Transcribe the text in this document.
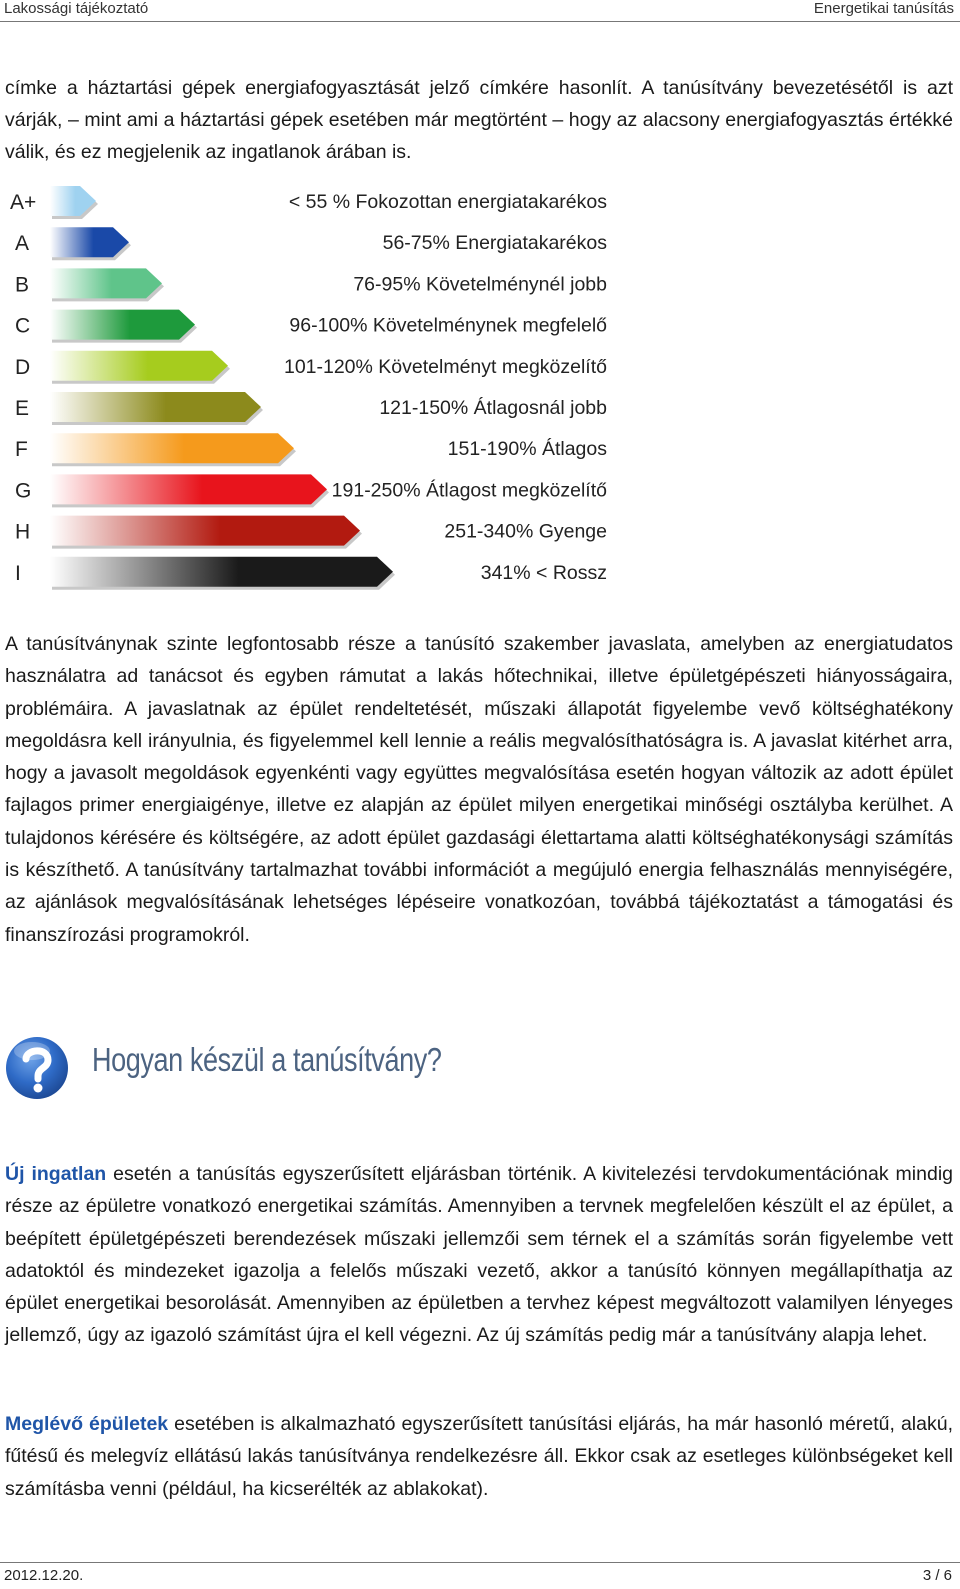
Lakossági tájékoztató	Energetikai tanúsítás

címke a háztartási gépek energiafogyasztását jelző címkére hasonlít. A tanúsítvány bevezetésétől is azt várják, – mint ami a háztartási gépek esetében már megtörtént – hogy az alacsony energiafogyasztás értékké válik, és ez megjelenik az ingatlanok árában is.

A+	< 55 % Fokozottan energiatakarékos
A	56-75% Energiatakarékos
B	76-95% Követelménynél jobb
C	96-100% Követelménynek megfelelő
D	101-120% Követelményt megközelítő
E	121-150% Átlagosnál jobb
F	151-190% Átlagos
G	191-250% Átlagost megközelítő
H	251-340% Gyenge
I	341% < Rossz

A tanúsítványnak szinte legfontosabb része a tanúsító szakember javaslata, amelyben az energiatudatos használatra ad tanácsot és egyben rámutat a lakás hőtechnikai, illetve épületgépészeti hiányosságaira, problémáira. A javaslatnak az épület rendeltetését, műszaki állapotát figyelembe vevő költséghatékony megoldásra kell irányulnia, és figyelemmel kell lennie a reális megvalósíthatóságra is. A javaslat kitérhet arra, hogy a javasolt megoldások egyenkénti vagy együttes megvalósítása esetén hogyan változik az adott épület fajlagos primer energiaigénye, illetve ez alapján az épület milyen energetikai minőségi osztályba kerülhet. A tulajdonos kérésére és költségére, az adott épület gazdasági élettartama alatti költséghatékonysági számítás is készíthető. A tanúsítvány tartalmazhat további információt a megújuló energia felhasználás mennyiségére, az ajánlások megvalósításának lehetséges lépéseire vonatkozóan, továbbá tájékoztatást a támogatási és finanszírozási programokról.

Hogyan készül a tanúsítvány?

Új ingatlan esetén a tanúsítás egyszerűsített eljárásban történik. A kivitelezési tervdokumentációnak mindig része az épületre vonatkozó energetikai számítás. Amennyiben a tervnek megfelelően készült el az épület, a beépített épületgépészeti berendezések műszaki jellemzői sem térnek el a számítás során figyelembe vett adatoktól és mindezeket igazolja a felelős műszaki vezető, akkor a tanúsító könnyen megállapíthatja az épület energetikai besorolását. Amennyiben az épületben a tervhez képest megváltozott valamilyen lényeges jellemző, úgy az igazoló számítást újra el kell végezni. Az új számítás pedig már a tanúsítvány alapja lehet.

Meglévő épületek esetében is alkalmazható egyszerűsített tanúsítási eljárás, ha már hasonló méretű, alakú, fűtésű és melegvíz ellátású lakás tanúsítványa rendelkezésre áll. Ekkor csak az esetleges különbségeket kell számításba venni (például, ha kicserélték az ablakokat).

2012.12.20.	3 / 6
